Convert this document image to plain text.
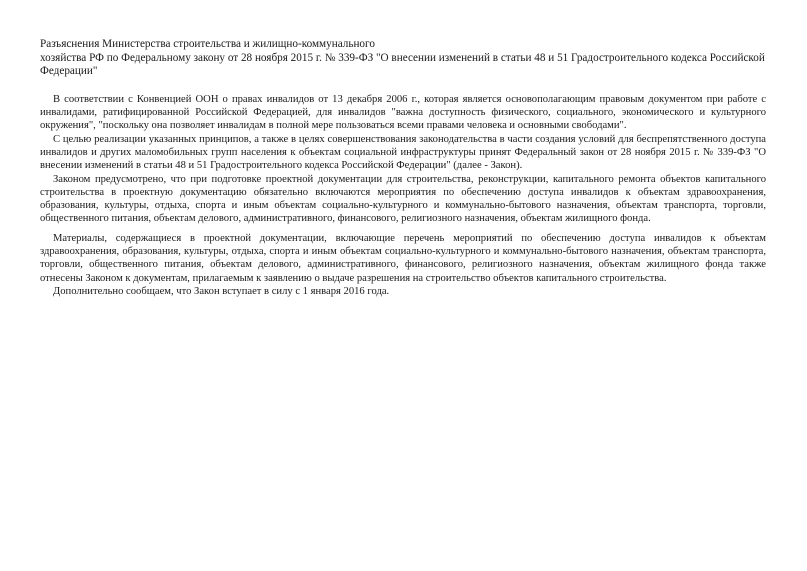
Разъяснения Министерства строительства и жилищно-коммунального
хозяйства РФ по Федеральному закону от 28 ноября 2015 г. № 339-ФЗ "О внесении изменений в статьи 48 и 51 Градостроительного кодекса Российской Федерации"

В соответствии с Конвенцией ООН о правах инвалидов от 13 декабря 2006 г., которая является основополагающим правовым документом при работе с инвалидами, ратифицированной Российской Федерацией, для инвалидов "важна доступность физического, социального, экономического и культурного окружения", "поскольку она позволяет инвалидам в полной мере пользоваться всеми правами человека и основными свободами".

С целью реализации указанных принципов, а также в целях совершенствования законодательства в части создания условий для беспрепятственного доступа инвалидов и других маломобильных групп населения к объектам социальной инфраструктуры принят Федеральный закон от 28 ноября 2015 г. № 339-ФЗ "О внесении изменений в статьи 48 и 51 Градостроительного кодекса Российской Федерации" (далее - Закон).

Законом предусмотрено, что при подготовке проектной документации для строительства, реконструкции, капитального ремонта объектов капитального строительства в проектную документацию обязательно включаются мероприятия по обеспечению доступа инвалидов к объектам здравоохранения, образования, культуры, отдыха, спорта и иным объектам социально-культурного и коммунально-бытового назначения, объектам транспорта, торговли, общественного питания, объектам делового, административного, финансового, религиозного назначения, объектам жилищного фонда.

Материалы, содержащиеся в проектной документации, включающие перечень мероприятий по обеспечению доступа инвалидов к объектам здравоохранения, образования, культуры, отдыха, спорта и иным объектам социально-культурного и коммунально-бытового назначения, объектам транспорта, торговли, общественного питания, объектам делового, административного, финансового, религиозного назначения, объектам жилищного фонда также отнесены Законом к документам, прилагаемым к заявлению о выдаче разрешения на строительство объектов капитального строительства.

Дополнительно сообщаем, что Закон вступает в силу с 1 января 2016 года.
